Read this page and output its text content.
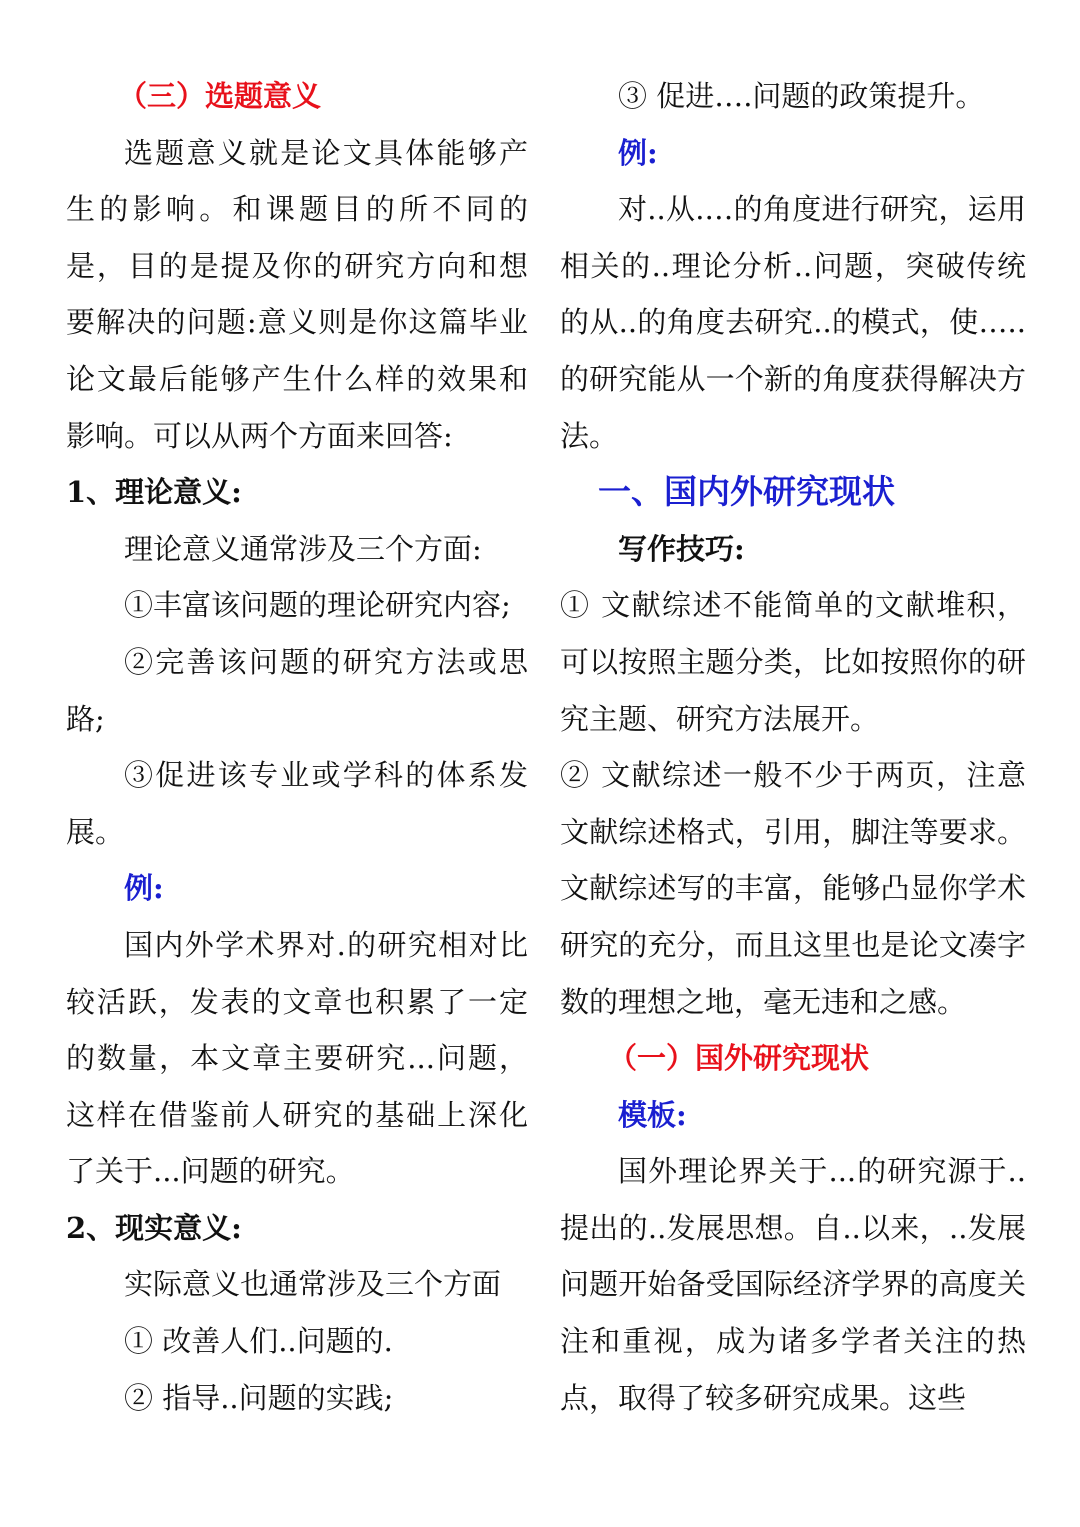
（三）选题意义

选题意义就是论文具体能够产生的影响。和课题目的所不同的是，目的是提及你的研究方向和想要解决的问题:意义则是你这篇毕业论文最后能够产生什么样的效果和影响。可以从两个方面来回答:

1、理论意义:

理论意义通常涉及三个方面:

①丰富该问题的理论研究内容;

②完善该问题的研究方法或思路;

③促进该专业或学科的体系发展。

例:

国内外学术界对.的研究相对比较活跃，发表的文章也积累了一定的数量，本文章主要研究...问题，这样在借鉴前人研究的基础上深化了关于...问题的研究。

2、现实意义:

实际意义也通常涉及三个方面

① 改善人们..问题的.

② 指导..问题的实践;

③ 促进….问题的政策提升。

例:

对..从.…的角度进行研究，运用相关的..理论分析..问题，突破传统的从..的角度去研究..的模式，使…..的研究能从一个新的角度获得解决方法。

一、国内外研究现状

写作技巧:

① 文献综述不能简单的文献堆积，可以按照主题分类，比如按照你的研究主题、研究方法展开。

② 文献综述一般不少于两页，注意文献综述格式，引用，脚注等要求。文献综述写的丰富，能够凸显你学术研究的充分，而且这里也是论文凑字数的理想之地，毫无违和之感。

（一）国外研究现状

模板:

国外理论界关于...的研究源于..提出的..发展思想。自..以来，..发展问题开始备受国际经济学界的高度关注和重视，成为诸多学者关注的热点，取得了较多研究成果。这些
